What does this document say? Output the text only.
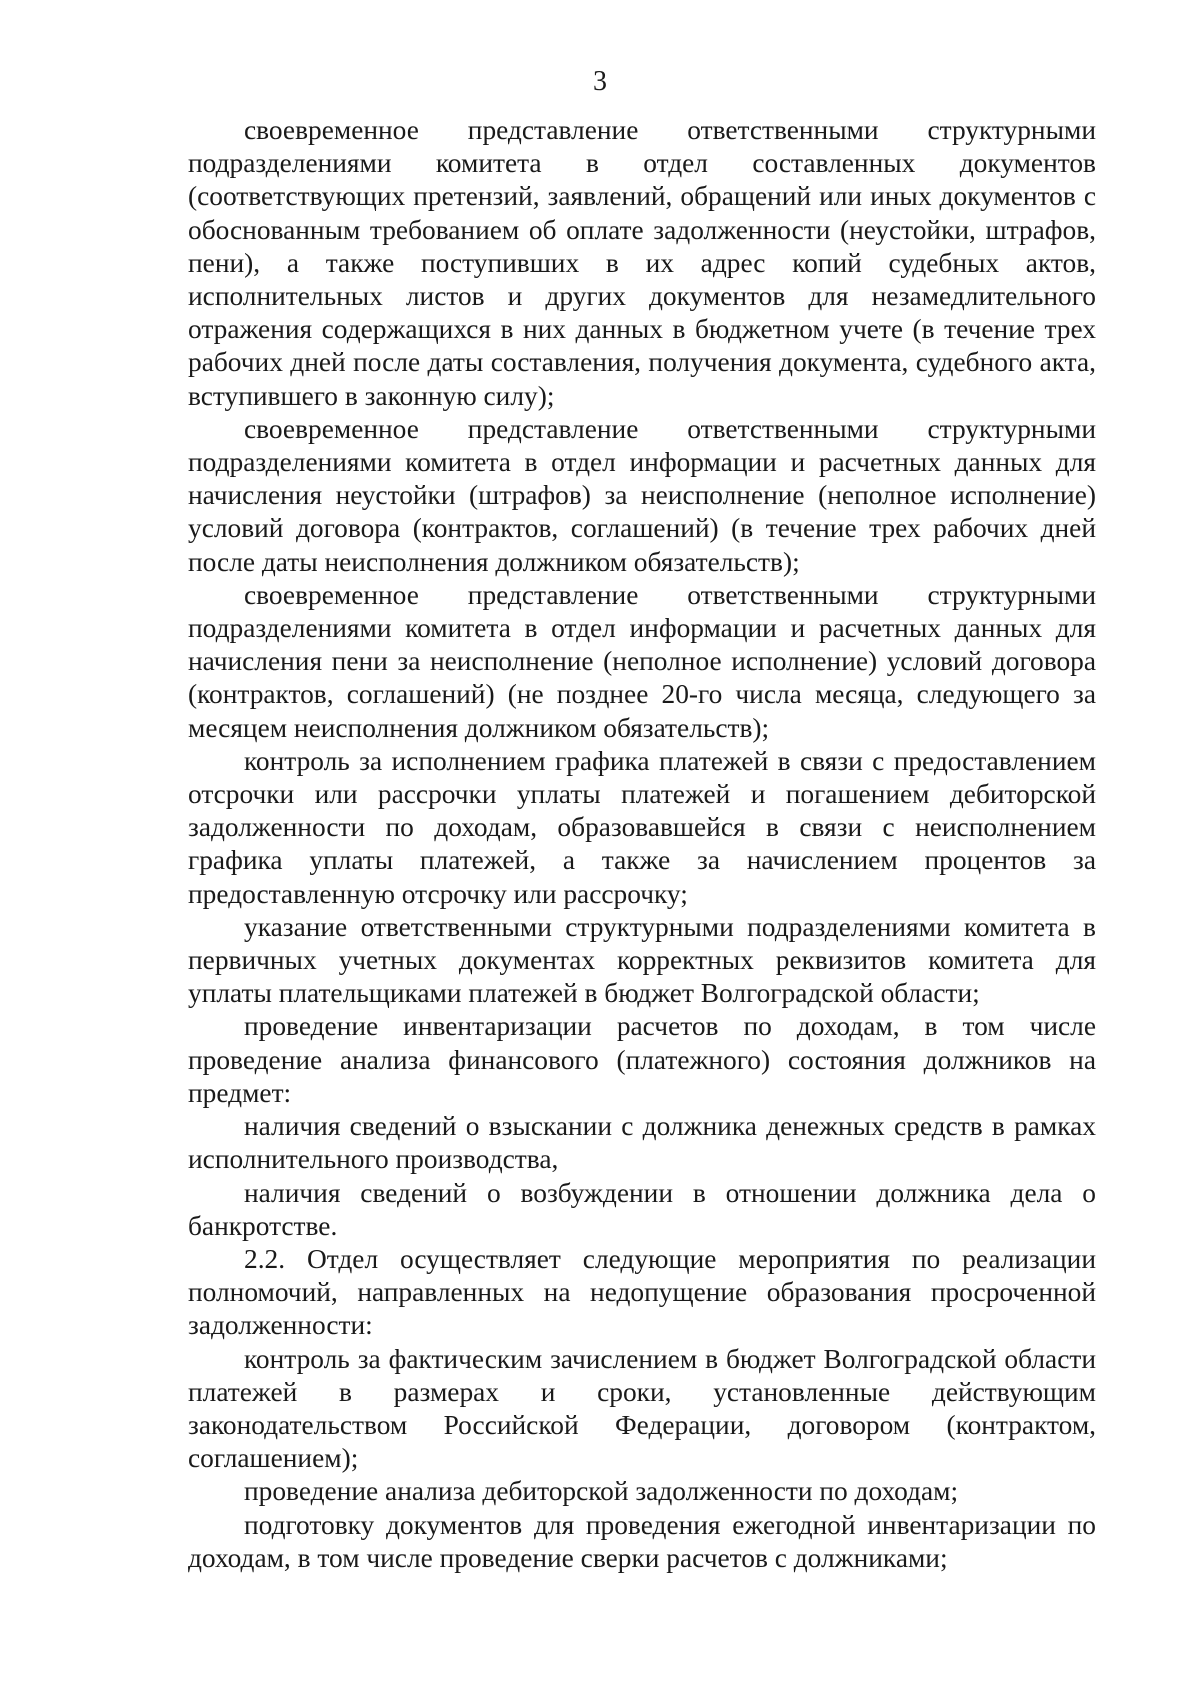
3

своевременное представление ответственными структурными подразделениями комитета в отдел составленных документов (соответствующих претензий, заявлений, обращений или иных документов с обоснованным требованием об оплате задолженности (неустойки, штрафов, пени), а также поступивших в их адрес копий судебных актов, исполнительных листов и других документов для незамедлительного отражения содержащихся в них данных в бюджетном учете (в течение трех рабочих дней после даты составления, получения документа, судебного акта, вступившего в законную силу);

своевременное представление ответственными структурными подразделениями комитета в отдел информации и расчетных данных для начисления неустойки (штрафов) за неисполнение (неполное исполнение) условий договора (контрактов, соглашений) (в течение трех рабочих дней после даты неисполнения должником обязательств);

своевременное представление ответственными структурными подразделениями комитета в отдел информации и расчетных данных для начисления пени за неисполнение (неполное исполнение) условий договора (контрактов, соглашений) (не позднее 20-го числа месяца, следующего за месяцем неисполнения должником обязательств);

контроль за исполнением графика платежей в связи с предоставлением отсрочки или рассрочки уплаты платежей и погашением дебиторской задолженности по доходам, образовавшейся в связи с неисполнением графика уплаты платежей, а также за начислением процентов за предоставленную отсрочку или рассрочку;

указание ответственными структурными подразделениями комитета в первичных учетных документах корректных реквизитов комитета для уплаты плательщиками платежей в бюджет Волгоградской области;

проведение инвентаризации расчетов по доходам, в том числе проведение анализа финансового (платежного) состояния должников на предмет:

наличия сведений о взыскании с должника денежных средств в рамках исполнительного производства,

наличия сведений о возбуждении в отношении должника дела о банкротстве.

2.2. Отдел осуществляет следующие мероприятия по реализации полномочий, направленных на недопущение образования просроченной задолженности:

контроль за фактическим зачислением в бюджет Волгоградской области платежей в размерах и сроки, установленные действующим законодательством Российской Федерации, договором (контрактом, соглашением);

проведение анализа дебиторской задолженности по доходам;

подготовку документов для проведения ежегодной инвентаризации по доходам, в том числе проведение сверки расчетов с должниками;
